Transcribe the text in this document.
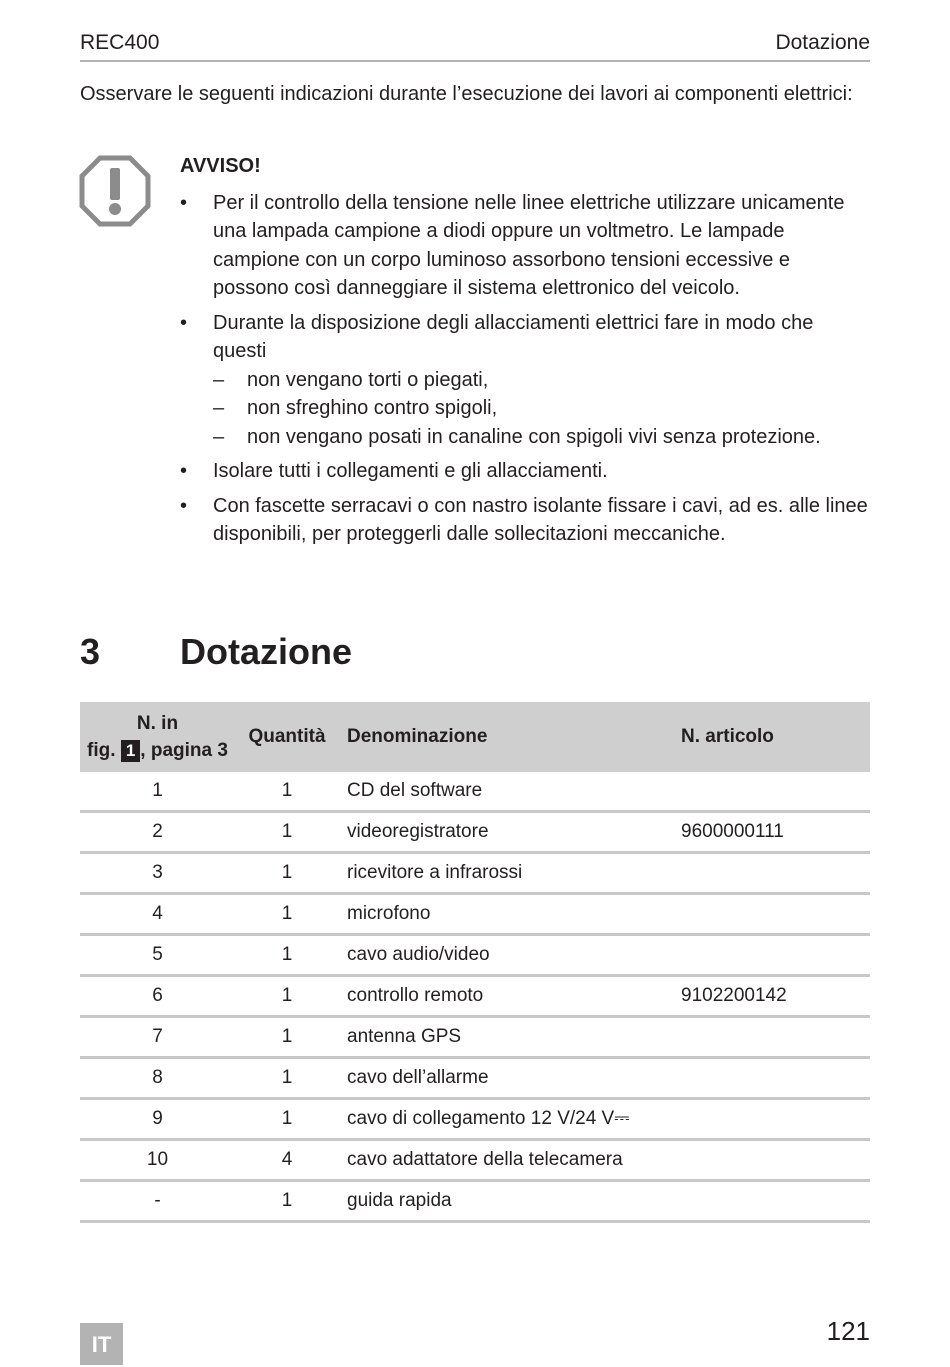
REC400	Dotazione
Osservare le seguenti indicazioni durante l’esecuzione dei lavori ai componenti elettrici:
AVVISO!
• Per il controllo della tensione nelle linee elettriche utilizzare unicamente una lampada campione a diodi oppure un voltmetro. Le lampade campione con un corpo luminoso assorbono tensioni eccessive e possono così danneggiare il sistema elettronico del veicolo.
• Durante la disposizione degli allacciamenti elettrici fare in modo che questi
– non vengano torti o piegati,
– non sfreghino contro spigoli,
– non vengano posati in canaline con spigoli vivi senza protezione.
• Isolare tutti i collegamenti e gli allacciamenti.
• Con fascette serracavi o con nastro isolante fissare i cavi, ad es. alle linee disponibili, per proteggerli dalle sollecitazioni meccaniche.
3 Dotazione
N. in
fig. 1 , pagina 3	Quantità	Denominazione	N. articolo
1	1	CD del software	
2	1	videoregistratore	9600000111
3	1	ricevitore a infrarossi	
4	1	microfono	
5	1	cavo audio/video	
6	1	controllo remoto	9102200142
7	1	antenna GPS	
8	1	cavo dell’allarme	
9	1	cavo di collegamento 12 V/24 V⎓	
10	4	cavo adattatore della telecamera	
-	1	guida rapida	
IT	121
